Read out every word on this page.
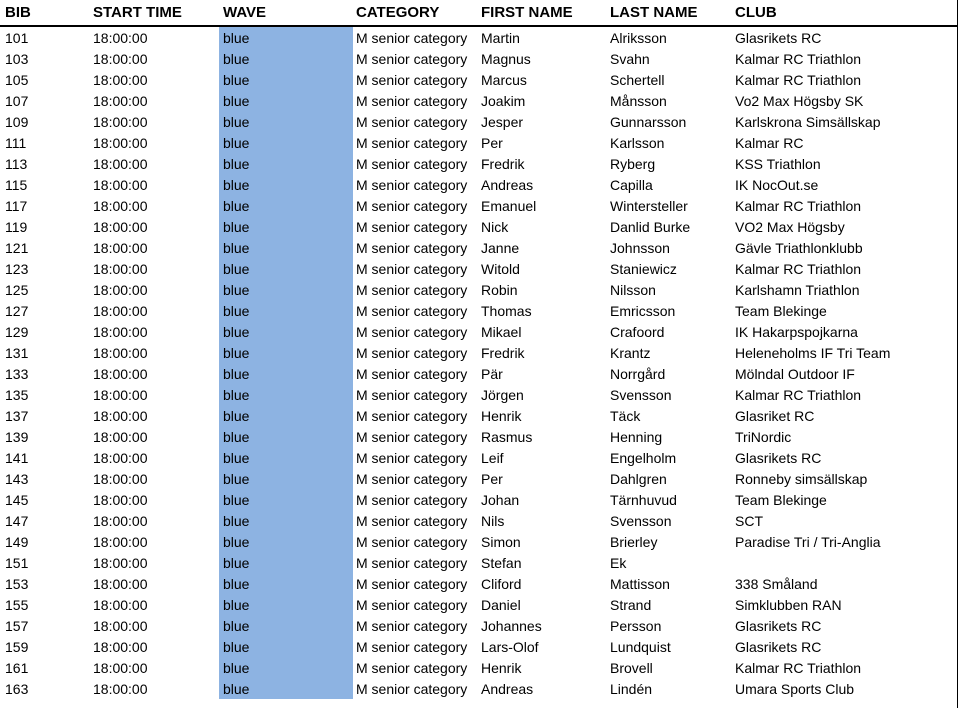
BIB	START TIME	WAVE	CATEGORY	FIRST NAME	LAST NAME	CLUB
101	18:00:00	blue	M senior category	Martin	Alriksson	Glasrikets RC
103	18:00:00	blue	M senior category	Magnus	Svahn	Kalmar RC Triathlon
105	18:00:00	blue	M senior category	Marcus	Schertell	Kalmar RC Triathlon
107	18:00:00	blue	M senior category	Joakim	Månsson	Vo2 Max Högsby SK
109	18:00:00	blue	M senior category	Jesper	Gunnarsson	Karlskrona Simsällskap
111	18:00:00	blue	M senior category	Per	Karlsson	Kalmar RC
113	18:00:00	blue	M senior category	Fredrik	Ryberg	KSS Triathlon
115	18:00:00	blue	M senior category	Andreas	Capilla	IK NocOut.se
117	18:00:00	blue	M senior category	Emanuel	Wintersteller	Kalmar RC Triathlon
119	18:00:00	blue	M senior category	Nick	Danlid Burke	VO2 Max Högsby
121	18:00:00	blue	M senior category	Janne	Johnsson	Gävle Triathlonklubb
123	18:00:00	blue	M senior category	Witold	Staniewicz	Kalmar RC Triathlon
125	18:00:00	blue	M senior category	Robin	Nilsson	Karlshamn Triathlon
127	18:00:00	blue	M senior category	Thomas	Emricsson	Team Blekinge
129	18:00:00	blue	M senior category	Mikael	Crafoord	IK Hakarpspojkarna
131	18:00:00	blue	M senior category	Fredrik	Krantz	Heleneholms IF Tri Team
133	18:00:00	blue	M senior category	Pär	Norrgård	Mölndal Outdoor IF
135	18:00:00	blue	M senior category	Jörgen	Svensson	Kalmar RC Triathlon
137	18:00:00	blue	M senior category	Henrik	Täck	Glasriket RC
139	18:00:00	blue	M senior category	Rasmus	Henning	TriNordic
141	18:00:00	blue	M senior category	Leif	Engelholm	Glasrikets RC
143	18:00:00	blue	M senior category	Per	Dahlgren	Ronneby simsällskap
145	18:00:00	blue	M senior category	Johan	Tärnhuvud	Team Blekinge
147	18:00:00	blue	M senior category	Nils	Svensson	SCT
149	18:00:00	blue	M senior category	Simon	Brierley	Paradise Tri / Tri-Anglia
151	18:00:00	blue	M senior category	Stefan	Ek	
153	18:00:00	blue	M senior category	Cliford	Mattisson	338 Småland
155	18:00:00	blue	M senior category	Daniel	Strand	Simklubben RAN
157	18:00:00	blue	M senior category	Johannes	Persson	Glasrikets RC
159	18:00:00	blue	M senior category	Lars-Olof	Lundquist	Glasrikets RC
161	18:00:00	blue	M senior category	Henrik	Brovell	Kalmar RC Triathlon
163	18:00:00	blue	M senior category	Andreas	Lindén	Umara Sports Club
